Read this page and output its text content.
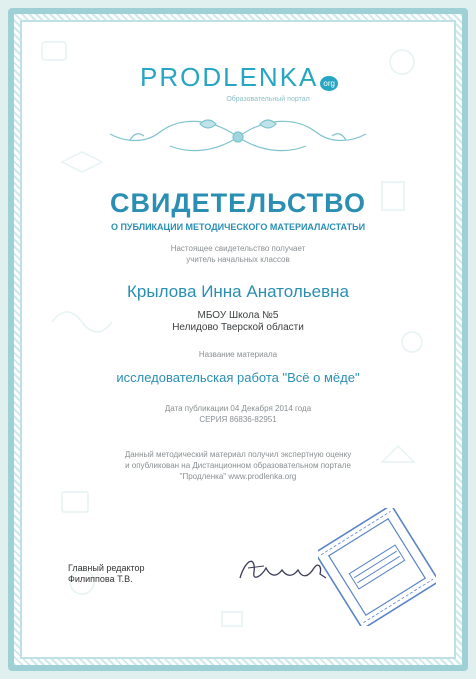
PRODLENKA org
Образовательный портал
СВИДЕТЕЛЬСТВО
О ПУБЛИКАЦИИ МЕТОДИЧЕСКОГО МАТЕРИАЛА/СТАТЬИ
Настоящее свидетельство получает
учитель начальных классов
Крылова Инна Анатольевна
МБОУ Школа №5
Нелидово Тверской области
Название материала
исследовательская работа "Всё о мёде"
Дата публикации 04 Декабря 2014 года
СЕРИЯ 86836-82951
Данный методический материал получил экспертную оценку
и опубликован на Дистанционном образовательном портале
"Продленка" www.prodlenka.org
Главный редактор
Филиппова Т.В.
